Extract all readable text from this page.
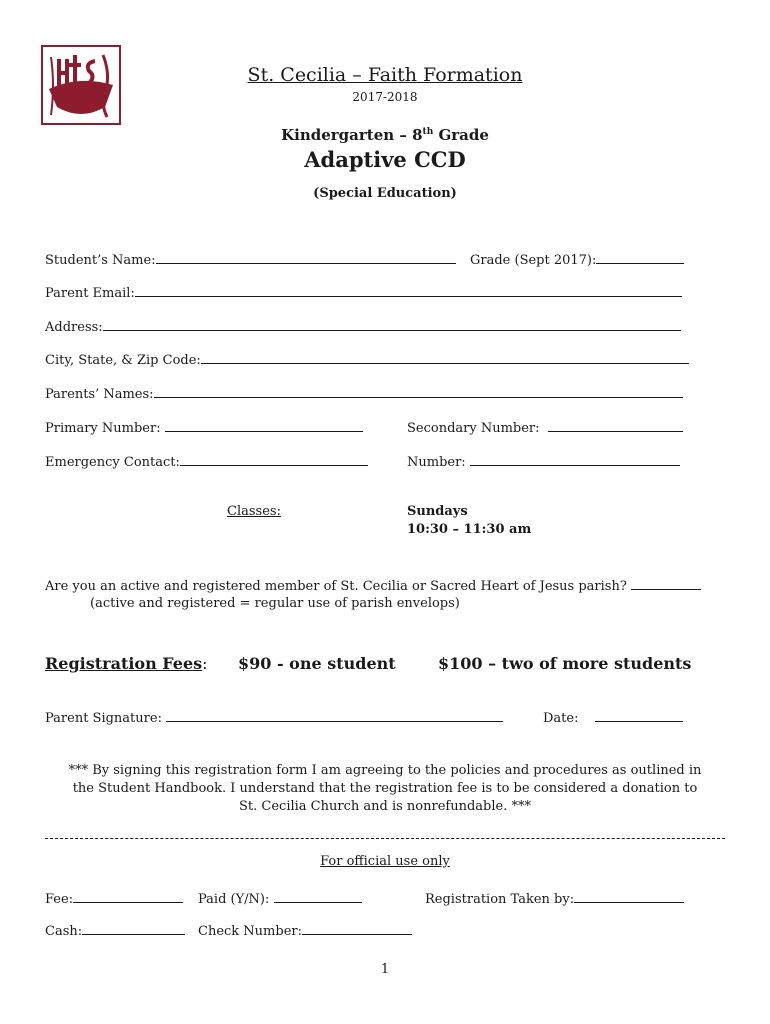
St. Cecilia – Faith Formation
2017-2018
Kindergarten – 8th Grade
Adaptive CCD
(Special Education)
Student’s Name:	Grade (Sept 2017):
Parent Email:
Address:
City, State, & Zip Code:
Parents’ Names:
Primary Number:	Secondary Number:
Emergency Contact:	Number:
Classes:	Sundays
10:30 – 11:30 am
Are you an active and registered member of St. Cecilia or Sacred Heart of Jesus parish?
(active and registered = regular use of parish envelops)
Registration Fees: $90 - one student	$100 – two of more students
Parent Signature:	Date:
*** By signing this registration form I am agreeing to the policies and procedures as outlined in
the Student Handbook. I understand that the registration fee is to be considered a donation to
St. Cecilia Church and is nonrefundable. ***
For official use only
Fee:	Paid (Y/N):	Registration Taken by:
Cash:	Check Number:
1
